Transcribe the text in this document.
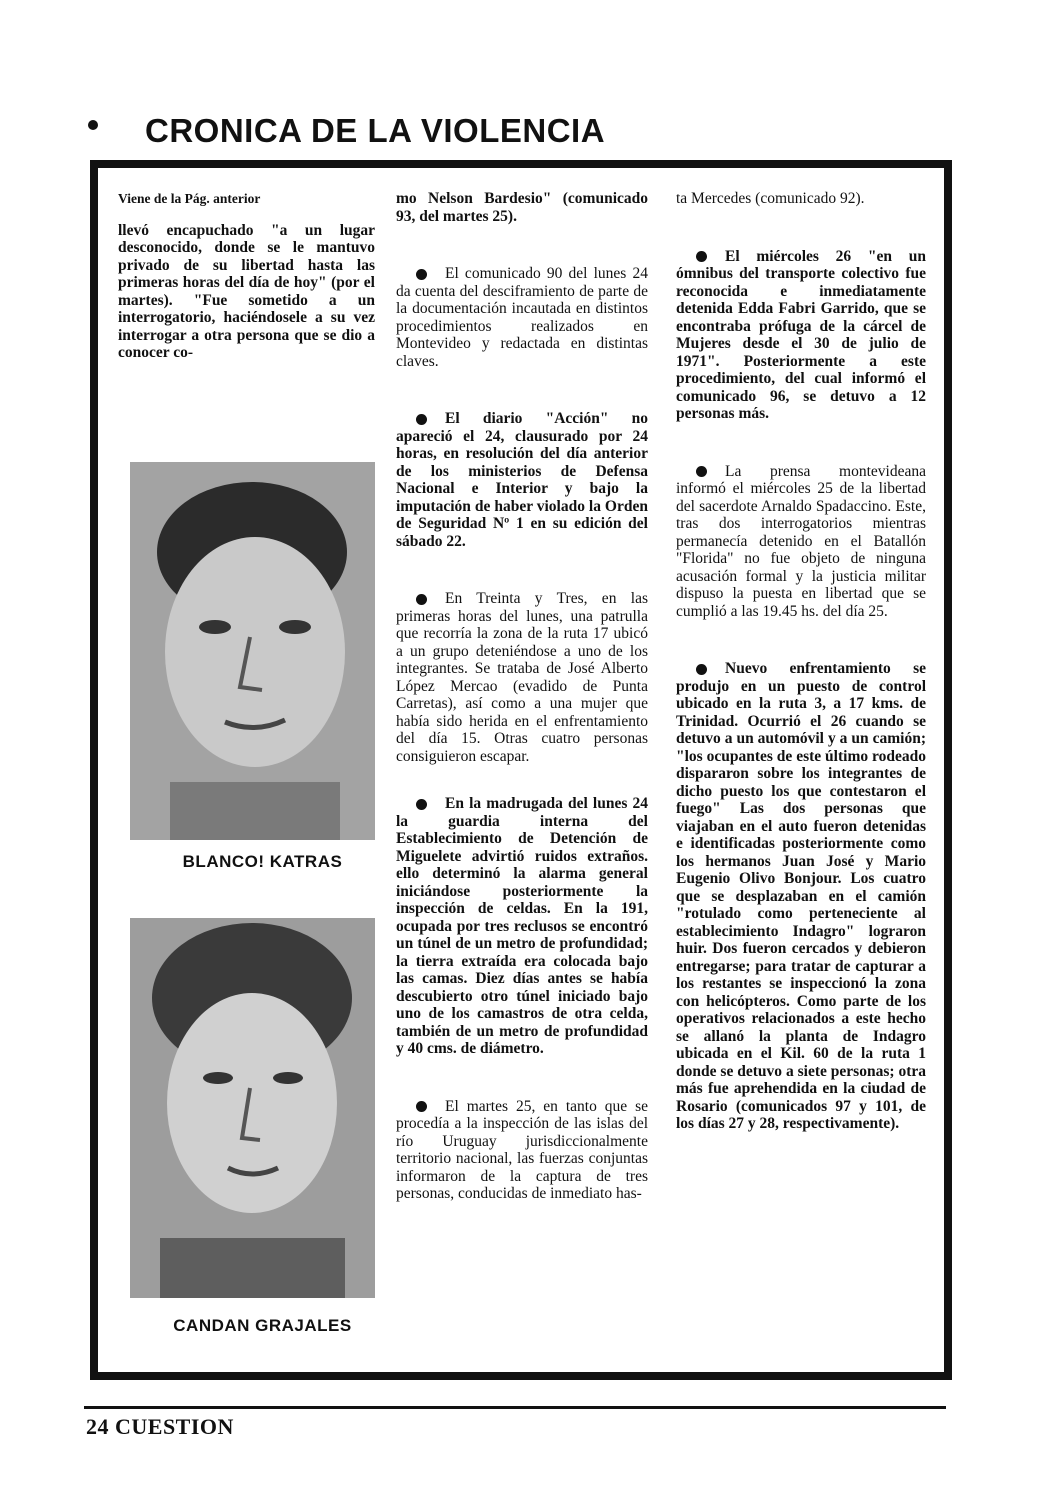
CRONICA DE LA VIOLENCIA

Viene de la Pág. anterior

llevó encapuchado "a un lugar desconocido, donde se le mantuvo privado de su libertad hasta las primeras horas del día de hoy" (por el martes). "Fue sometido a un interrogatorio, haciéndosele a su vez interrogar a otra persona que se dio a conocer co-

BLANCO! KATRAS
CANDAN GRAJALES

mo Nelson Bardesio" (comunicado 93, del martes 25).

El comunicado 90 del lunes 24 da cuenta del desciframiento de parte de la documentación incautada en distintos procedimientos realizados en Montevideo y redactada en distintas claves.

El diario "Acción" no apareció el 24, clausurado por 24 horas, en resolución del día anterior de los ministerios de Defensa Nacional e Interior y bajo la imputación de haber violado la Orden de Seguridad Nº 1 en su edición del sábado 22.

En Treinta y Tres, en las primeras horas del lunes, una patrulla que recorría la zona de la ruta 17 ubicó a un grupo deteniéndose a uno de los integrantes. Se trataba de José Alberto López Mercao (evadido de Punta Carretas), así como a una mujer que había sido herida en el enfrentamiento del día 15. Otras cuatro personas consiguieron escapar.

En la madrugada del lunes 24 la guardia interna del Establecimiento de Detención de Miguelete advirtió ruidos extraños. ello determinó la alarma general iniciándose posteriormente la inspección de celdas. En la 191, ocupada por tres reclusos se encontró un túnel de un metro de profundidad; la tierra extraída era colocada bajo las camas. Diez días antes se había descubierto otro túnel iniciado bajo uno de los camastros de otra celda, también de un metro de profundidad y 40 cms. de diámetro.

El martes 25, en tanto que se procedía a la inspección de las islas del río Uruguay jurisdiccionalmente territorio nacional, las fuerzas conjuntas informaron de la captura de tres personas, conducidas de inmediato has-

ta Mercedes (comunicado 92).

El miércoles 26 "en un ómnibus del transporte colectivo fue reconocida e inmediatamente detenida Edda Fabri Garrido, que se encontraba prófuga de la cárcel de Mujeres desde el 30 de julio de 1971". Posteriormente a este procedimiento, del cual informó el comunicado 96, se detuvo a 12 personas más.

La prensa montevideana informó el miércoles 25 de la libertad del sacerdote Arnaldo Spadaccino. Este, tras dos interrogatorios mientras permanecía detenido en el Batallón "Florida" no fue objeto de ninguna acusación formal y la justicia militar dispuso la puesta en libertad que se cumplió a las 19.45 hs. del día 25.

Nuevo enfrentamiento se produjo en un puesto de control ubicado en la ruta 3, a 17 kms. de Trinidad. Ocurrió el 26 cuando se detuvo a un automóvil y a un camión; "los ocupantes de este último rodeado dispararon sobre los integrantes de dicho puesto los que contestaron el fuego" Las dos personas que viajaban en el auto fueron detenidas e identificadas posteriormente como los hermanos Juan José y Mario Eugenio Olivo Bonjour. Los cuatro que se desplazaban en el camión "rotulado como perteneciente al establecimiento Indagro" lograron huir. Dos fueron cercados y debieron entregarse; para tratar de capturar a los restantes se inspeccionó la zona con helicópteros. Como parte de los operativos relacionados a este hecho se allanó la planta de Indagro ubicada en el Kil. 60 de la ruta 1 donde se detuvo a siete personas; otra más fue aprehendida en la ciudad de Rosario (comunicados 97 y 101, de los días 27 y 28, respectivamente).

24 CUESTION
